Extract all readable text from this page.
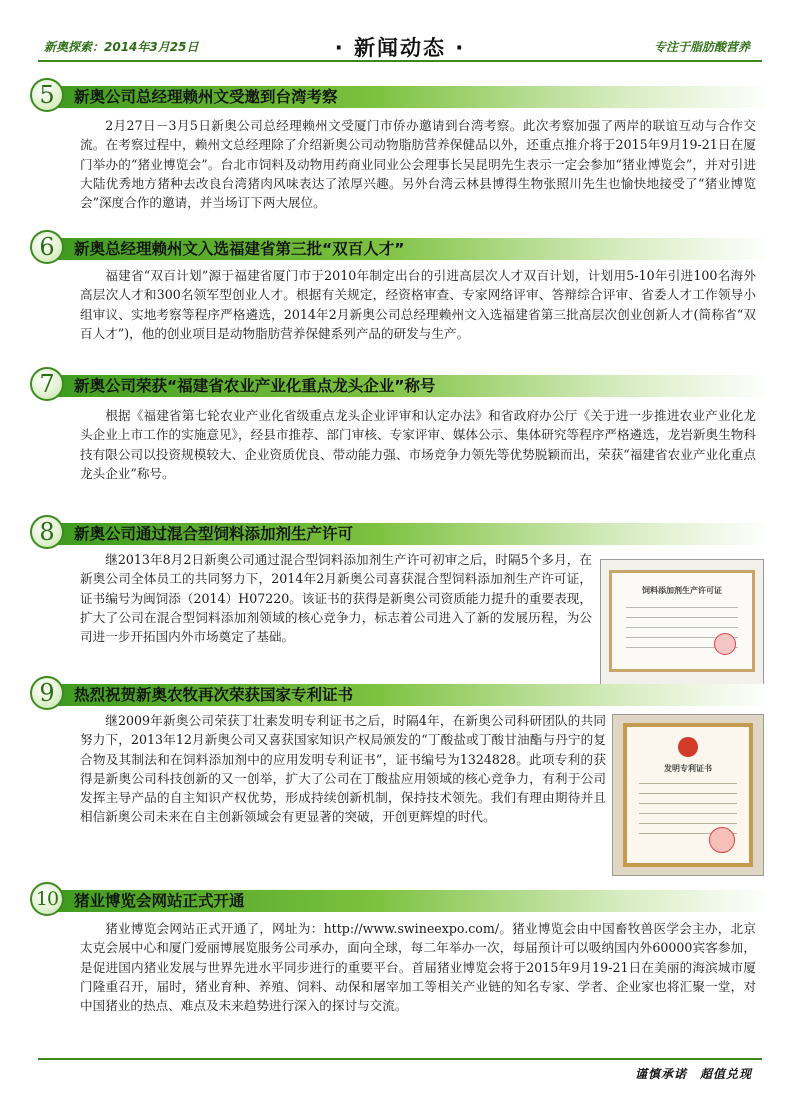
新奥探索：2014年3月25日	· 新闻动态 ·	专注于脂肪酸营养
5	新奥公司总经理赖州文受邀到台湾考察

2月27日－3月5日新奥公司总经理赖州文受厦门市侨办邀请到台湾考察。此次考察加强了两岸的联谊互动与合作交流。在考察过程中，赖州文总经理除了介绍新奥公司动物脂肪营养保健品以外，还重点推介将于2015年9月19-21日在厦门举办的“猪业博览会”。台北市饲料及动物用药商业同业公会理事长吴昆明先生表示一定会参加“猪业博览会”，并对引进大陆优秀地方猪种去改良台湾猪肉风味表达了浓厚兴趣。另外台湾云林县博得生物张照川先生也愉快地接受了“猪业博览会”深度合作的邀请，并当场订下两大展位。

6	新奥总经理赖州文入选福建省第三批“双百人才”

福建省“双百计划”源于福建省厦门市于2010年制定出台的引进高层次人才双百计划，计划用5-10年引进100名海外高层次人才和300名领军型创业人才。根据有关规定，经资格审查、专家网络评审、答辩综合评审、省委人才工作领导小组审议、实地考察等程序严格遴选，2014年2月新奥公司总经理赖州文入选福建省第三批高层次创业创新人才(简称省“双百人才”)，他的创业项目是动物脂肪营养保健系列产品的研发与生产。

7	新奥公司荣获“福建省农业产业化重点龙头企业”称号

根据《福建省第七轮农业产业化省级重点龙头企业评审和认定办法》和省政府办公厅《关于进一步推进农业产业化龙头企业上市工作的实施意见》，经县市推荐、部门审核、专家评审、媒体公示、集体研究等程序严格遴选，龙岩新奥生物科技有限公司以投资规模较大、企业资质优良、带动能力强、市场竞争力领先等优势脱颖而出，荣获“福建省农业产业化重点龙头企业”称号。

8	新奥公司通过混合型饲料添加剂生产许可

继2013年8月2日新奥公司通过混合型饲料添加剂生产许可初审之后，时隔5个多月，在新奥公司全体员工的共同努力下，2014年2月新奥公司喜获混合型饲料添加剂生产许可证，证书编号为闽饲添（2014）H07220。该证书的获得是新奥公司资质能力提升的重要表现，扩大了公司在混合型饲料添加剂领域的核心竞争力，标志着公司进入了新的发展历程，为公司进一步开拓国内外市场奠定了基础。

饲料添加剂生产许可证
9	热烈祝贺新奥农牧再次荣获国家专利证书

继2009年新奥公司荣获丁壮素发明专利证书之后，时隔4年，在新奥公司科研团队的共同努力下，2013年12月新奥公司又喜获国家知识产权局颁发的“丁酸盐或丁酸甘油酯与丹宁的复合物及其制法和在饲料添加剂中的应用发明专利证书”，证书编号为1324828。此项专利的获得是新奥公司科技创新的又一创举，扩大了公司在丁酸盐应用领域的核心竞争力，有利于公司发挥主导产品的自主知识产权优势，形成持续创新机制，保持技术领先。我们有理由期待并且相信新奥公司未来在自主创新领域会有更显著的突破，开创更辉煌的时代。

发明专利证书
10	猪业博览会网站正式开通

猪业博览会网站正式开通了，网址为：http://www.swineexpo.com/。猪业博览会由中国畜牧兽医学会主办，北京太克会展中心和厦门爱丽博展览服务公司承办，面向全球，每二年举办一次，每届预计可以吸纳国内外60000宾客参加，是促进国内猪业发展与世界先进水平同步进行的重要平台。首届猪业博览会将于2015年9月19-21日在美丽的海滨城市厦门隆重召开，届时，猪业育种、养殖、饲料、动保和屠宰加工等相关产业链的知名专家、学者、企业家也将汇聚一堂，对中国猪业的热点、难点及未来趋势进行深入的探讨与交流。

谨慎承诺　超值兑现
